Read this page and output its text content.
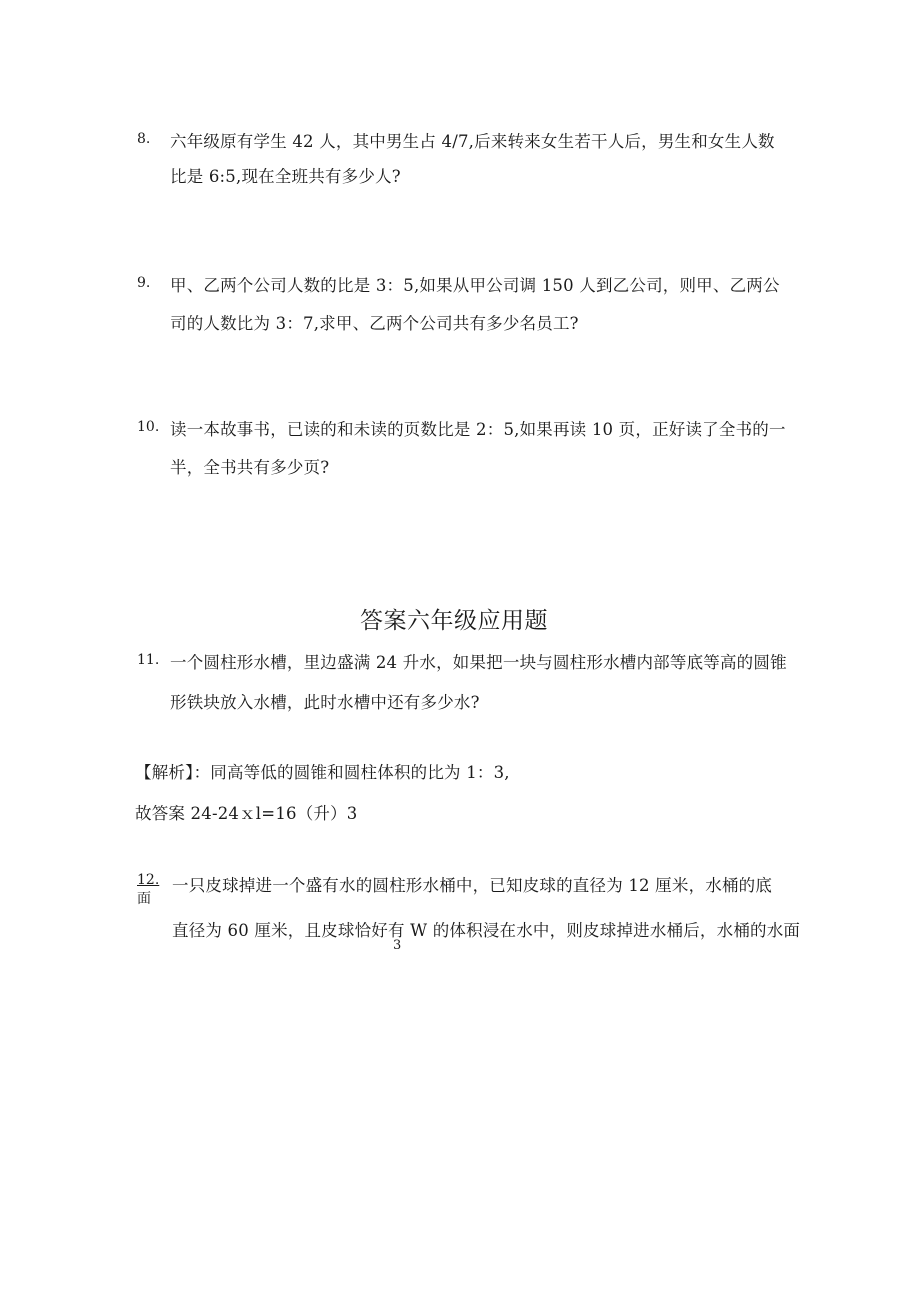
8. 六年级原有学生 42 人，其中男生占 4/7,后来转来女生若干人后，男生和女生人数
比是 6:5,现在全班共有多少人?
9. 甲、乙两个公司人数的比是 3：5,如果从甲公司调 150 人到乙公司，则甲、乙两公
司的人数比为 3：7,求甲、乙两个公司共有多少名员工?
10. 读一本故事书，已读的和未读的页数比是 2：5,如果再读 10 页，正好读了全书的一
半，全书共有多少页?
答案六年级应用题
11. 一个圆柱形水槽，里边盛满 24 升水，如果把一块与圆柱形水槽内部等底等高的圆锥
形铁块放入水槽，此时水槽中还有多少水?
【解析】：同高等低的圆锥和圆柱体积的比为 1：3,
故答案 24-24ｘl=16（升）3
12.
面
一只皮球掉进一个盛有水的圆柱形水桶中，已知皮球的直径为 12 厘米，水桶的底
直径为 60 厘米，且皮球恰好有 W 的体积浸在水中，则皮球掉进水桶后，水桶的水面
3
